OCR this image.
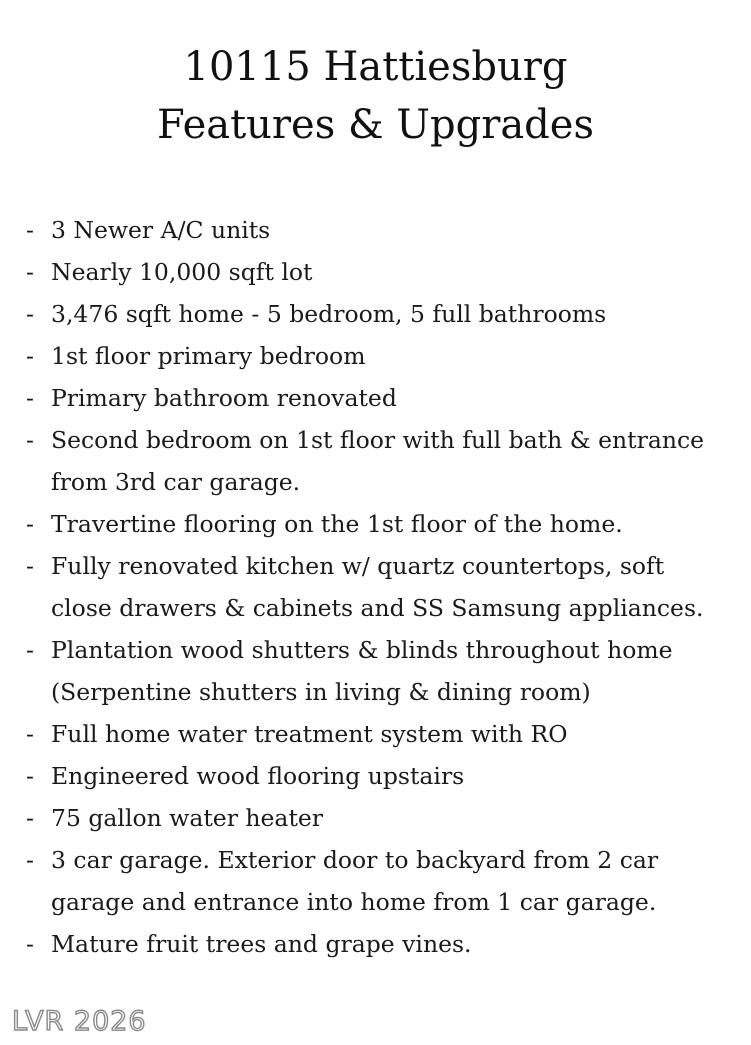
10115 Hattiesburg
Features & Upgrades
- 3 Newer A/C units
- Nearly 10,000 sqft lot
- 3,476 sqft home - 5 bedroom, 5 full bathrooms
- 1st floor primary bedroom
- Primary bathroom renovated
- Second bedroom on 1st floor with full bath & entrance
from 3rd car garage.
- Travertine flooring on the 1st floor of the home.
- Fully renovated kitchen w/ quartz countertops, soft
close drawers & cabinets and SS Samsung appliances.
- Plantation wood shutters & blinds throughout home
(Serpentine shutters in living & dining room)
- Full home water treatment system with RO
- Engineered wood flooring upstairs
- 75 gallon water heater
- 3 car garage. Exterior door to backyard from 2 car
garage and entrance into home from 1 car garage.
- Mature fruit trees and grape vines.
LVR 2026
